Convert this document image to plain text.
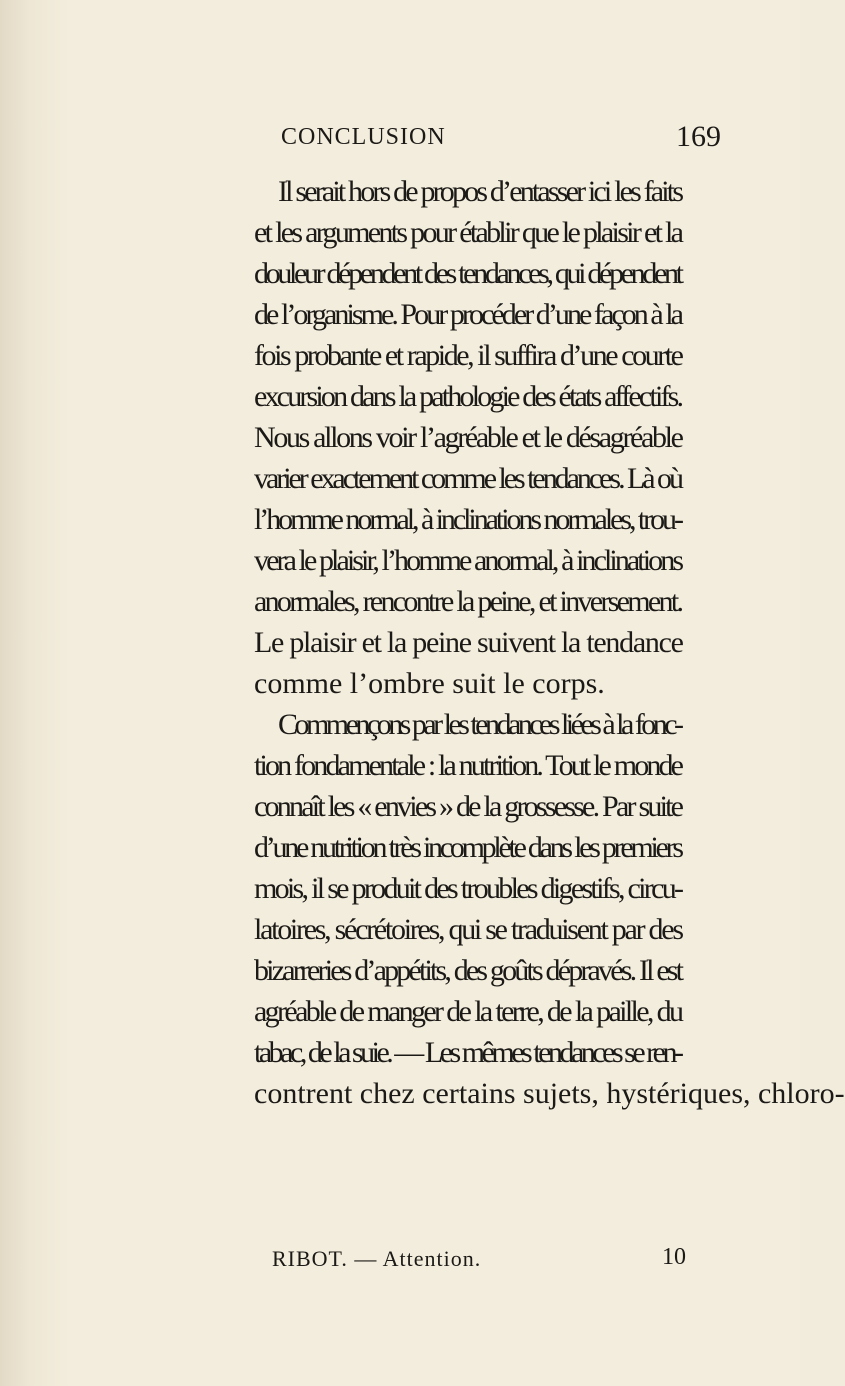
CONCLUSION	169
Il serait hors de propos d’entasser ici les faits
et les arguments pour établir que le plaisir et la
douleur dépendent des tendances, qui dépendent
de l’organisme. Pour procéder d’une façon à la
fois probante et rapide, il suffira d’une courte
excursion dans la pathologie des états affectifs.
Nous allons voir l’agréable et le désagréable
varier exactement comme les tendances. Là où
l’homme normal, à inclinations normales, trou-
vera le plaisir, l’homme anormal, à inclinations
anormales, rencontre la peine, et inversement.
Le plaisir et la peine suivent la tendance
comme l’ombre suit le corps.
Commençons par les tendances liées à la fonc-
tion fondamentale : la nutrition. Tout le monde
connaît les « envies » de la grossesse. Par suite
d’une nutrition très incomplète dans les premiers
mois, il se produit des troubles digestifs, circu-
latoires, sécrétoires, qui se traduisent par des
bizarreries d’appétits, des goûts dépravés. Il est
agréable de manger de la terre, de la paille, du
tabac, de la suie. — Les mêmes tendances se ren-
contrent chez certains sujets, hystériques, chloro-
RIBOT. — Attention.	10
